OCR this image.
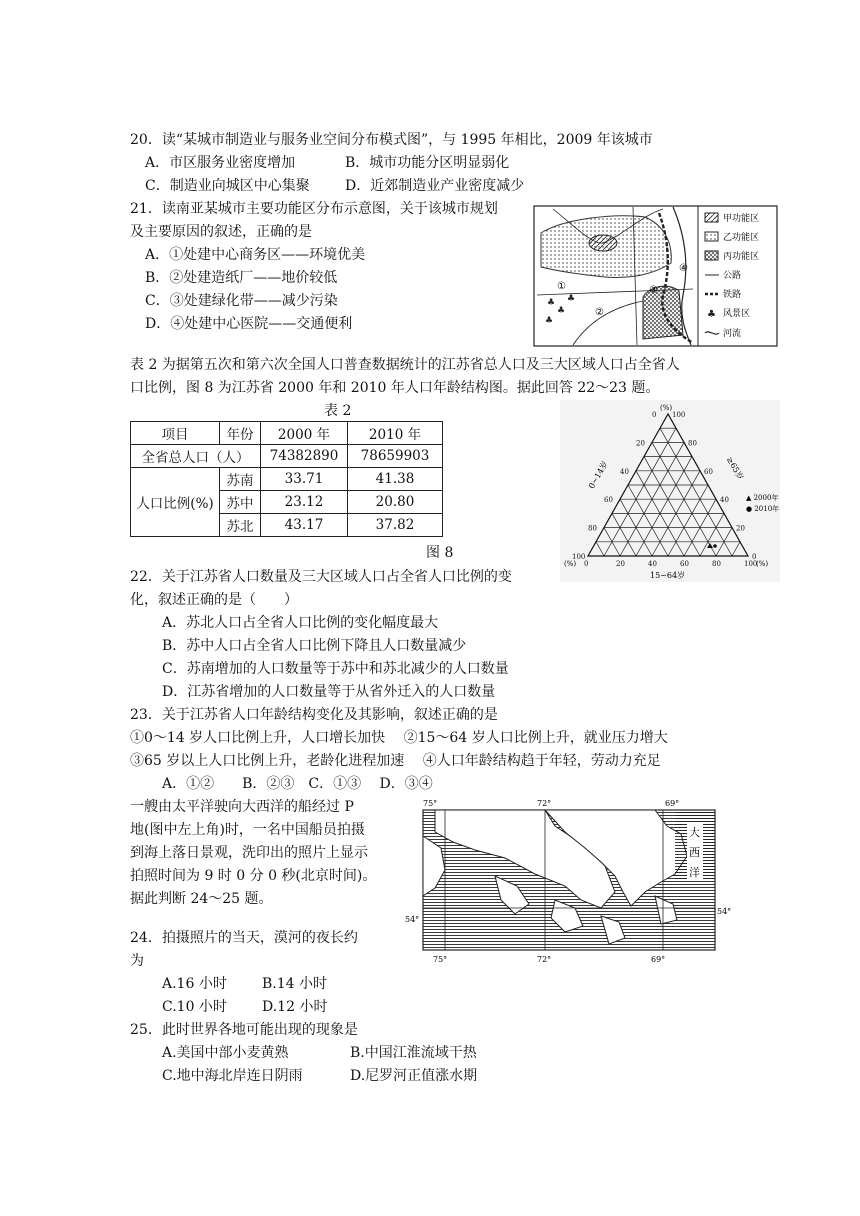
20．读“某城市制造业与服务业空间分布模式图”，与 1995 年相比，2009 年该城市
A．市区服务业密度增加	B．城市功能分区明显弱化
C．制造业向城区中心集聚	D．近郊制造业产业密度减少
21．读南亚某城市主要功能区分布示意图，关于该城市规划
及主要原因的叙述，正确的是
A．①处建中心商务区——环境优美
B．②处建造纸厂——地价较低
C．③处建绿化带——减少污染
D．④处建中心医院——交通便利
♣
♣
♣
♣
①
②
③
④
甲功能区
乙功能区
丙功能区
公路
铁路
♣ 风景区
河流
表 2 为据第五次和第六次全国人口普查数据统计的江苏省总人口及三大区域人口占全省人
口比例，图 8 为江苏省 2000 年和 2010 年人口年龄结构图。据此回答 22～23 题。
表 2
项目	年份	2000 年	2010 年
全省总人口（人）		74382890	78659903
人口比例(%)	苏南	33.71	41.38
	苏中	23.12	20.80
	苏北	43.17	37.82
图 8
(%)
(%)	(%)
0~14岁	≥65岁
15~64岁
▲ 2000年
● 2010年
0
100	0
20
80	20
40
60	40
60
40	60
80
20	80
100
0 100
22．关于江苏省人口数量及三大区域人口占全省人口比例的变
化，叙述正确的是（　　）
A．苏北人口占全省人口比例的变化幅度最大
B．苏中人口占全省人口比例下降且人口数量减少
C．苏南增加的人口数量等于苏中和苏北减少的人口数量
D．江苏省增加的人口数量等于从省外迁入的人口数量
23．关于江苏省人口年龄结构变化及其影响，叙述正确的是
①0～14 岁人口比例上升，人口增长加快　 ②15～64 岁人口比例上升，就业压力增大
③65 岁以上人口比例上升，老龄化进程加速　 ④人口年龄结构趋于年轻，劳动力充足
A．①②　　B．②③　C．①③　 D．③④
一艘由太平洋驶向大西洋的船经过 P
地(图中左上角)时，一名中国船员拍摄
到海上落日景观，洗印出的照片上显示
拍照时间为 9 时 0 分 0 秒(北京时间)。
据此判断 24～25 题。
75°	72°	69°
75°	72°	69°
54°
54°
大
西
洋
24．拍摄照片的当天，漠河的夜长约
为
A.16 小时	B.14 小时
C.10 小时	D.12 小时
25．此时世界各地可能出现的现象是
A.美国中部小麦黄熟	B.中国江淮流域干热
C.地中海北岸连日阴雨	D.尼罗河正值涨水期
